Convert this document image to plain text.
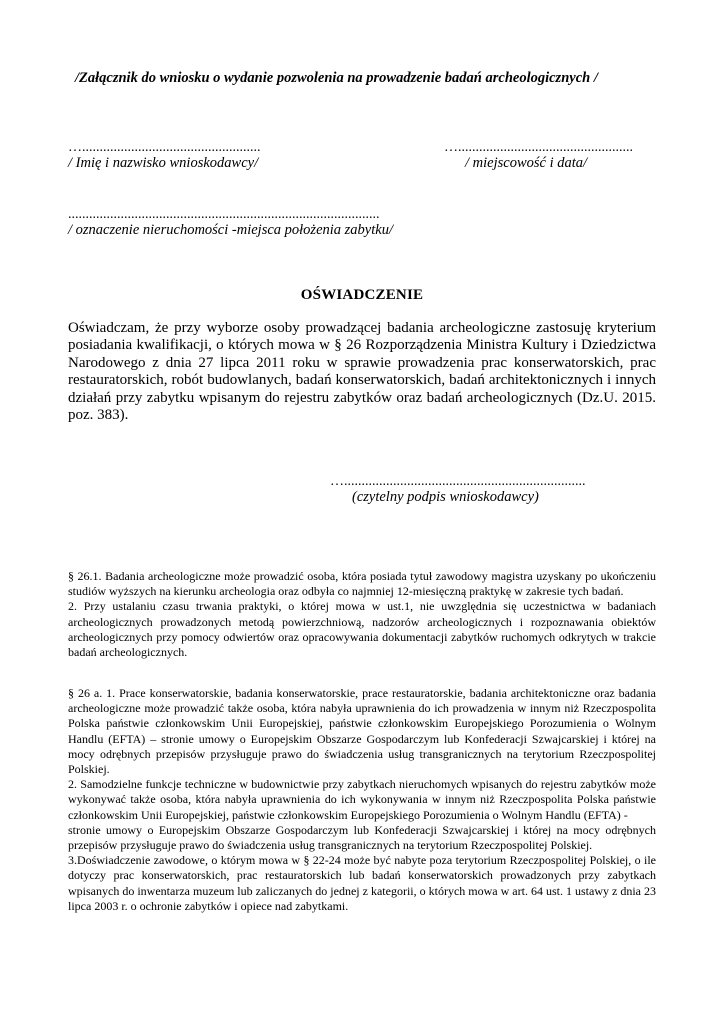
/Załącznik do wniosku o wydanie pozwolenia na prowadzenie badań archeologicznych /

…...................................................
/ Imię i nazwisko wnioskodawcy/
…..................................................
/ miejscowość i data/
.........................................................................................
/ oznaczenie nieruchomości -miejsca położenia zabytku/
OŚWIADCZENIE

Oświadczam, że przy wyborze osoby prowadzącej badania archeologiczne zastosuję kryterium posiadania kwalifikacji, o których mowa w § 26 Rozporządzenia Ministra Kultury i Dziedzictwa Narodowego z dnia 27 lipca 2011 roku w sprawie prowadzenia prac konserwatorskich, prac restauratorskich, robót budowlanych, badań konserwatorskich, badań architektonicznych i innych działań przy zabytku wpisanym do rejestru zabytków oraz badań archeologicznych (Dz.U. 2015. poz. 383).

….....................................................................
(czytelny podpis wnioskodawcy)

§ 26.1. Badania archeologiczne może prowadzić osoba, która posiada tytuł zawodowy magistra uzyskany po ukończeniu studiów wyższych na kierunku archeologia oraz odbyła co najmniej 12-miesięczną praktykę w zakresie tych badań.

2. Przy ustalaniu czasu trwania praktyki, o której mowa w ust.1, nie uwzględnia się uczestnictwa w badaniach archeologicznych prowadzonych metodą powierzchniową, nadzorów archeologicznych i rozpoznawania obiektów archeologicznych przy pomocy odwiertów oraz opracowywania dokumentacji zabytków ruchomych odkrytych w trakcie badań archeologicznych.

§ 26 a. 1. Prace konserwatorskie, badania konserwatorskie, prace restauratorskie, badania architektoniczne oraz badania archeologiczne może prowadzić także osoba, która nabyła uprawnienia do ich prowadzenia w innym niż Rzeczpospolita Polska państwie członkowskim Unii Europejskiej, państwie członkowskim Europejskiego Porozumienia o Wolnym Handlu (EFTA) – stronie umowy o Europejskim Obszarze Gospodarczym lub Konfederacji Szwajcarskiej i której na mocy odrębnych przepisów przysługuje prawo do świadczenia usług transgranicznych na terytorium Rzeczpospolitej Polskiej.

2. Samodzielne funkcje techniczne w budownictwie przy zabytkach nieruchomych wpisanych do rejestru zabytków może wykonywać także osoba, która nabyła uprawnienia do ich wykonywania w innym niż Rzeczpospolita Polska państwie członkowskim Unii Europejskiej, państwie członkowskim Europejskiego Porozumienia o Wolnym Handlu (EFTA) -

stronie umowy o Europejskim Obszarze Gospodarczym lub Konfederacji Szwajcarskiej i której na mocy odrębnych przepisów przysługuje prawo do świadczenia usług transgranicznych na terytorium Rzeczpospolitej Polskiej.

3.Doświadczenie zawodowe, o którym mowa w § 22-24 może być nabyte poza terytorium Rzeczpospolitej Polskiej, o ile dotyczy prac konserwatorskich, prac restauratorskich lub badań konserwatorskich prowadzonych przy zabytkach wpisanych do inwentarza muzeum lub zaliczanych do jednej z kategorii, o których mowa w art. 64 ust. 1 ustawy z dnia 23 lipca 2003 r. o ochronie zabytków i opiece nad zabytkami.
